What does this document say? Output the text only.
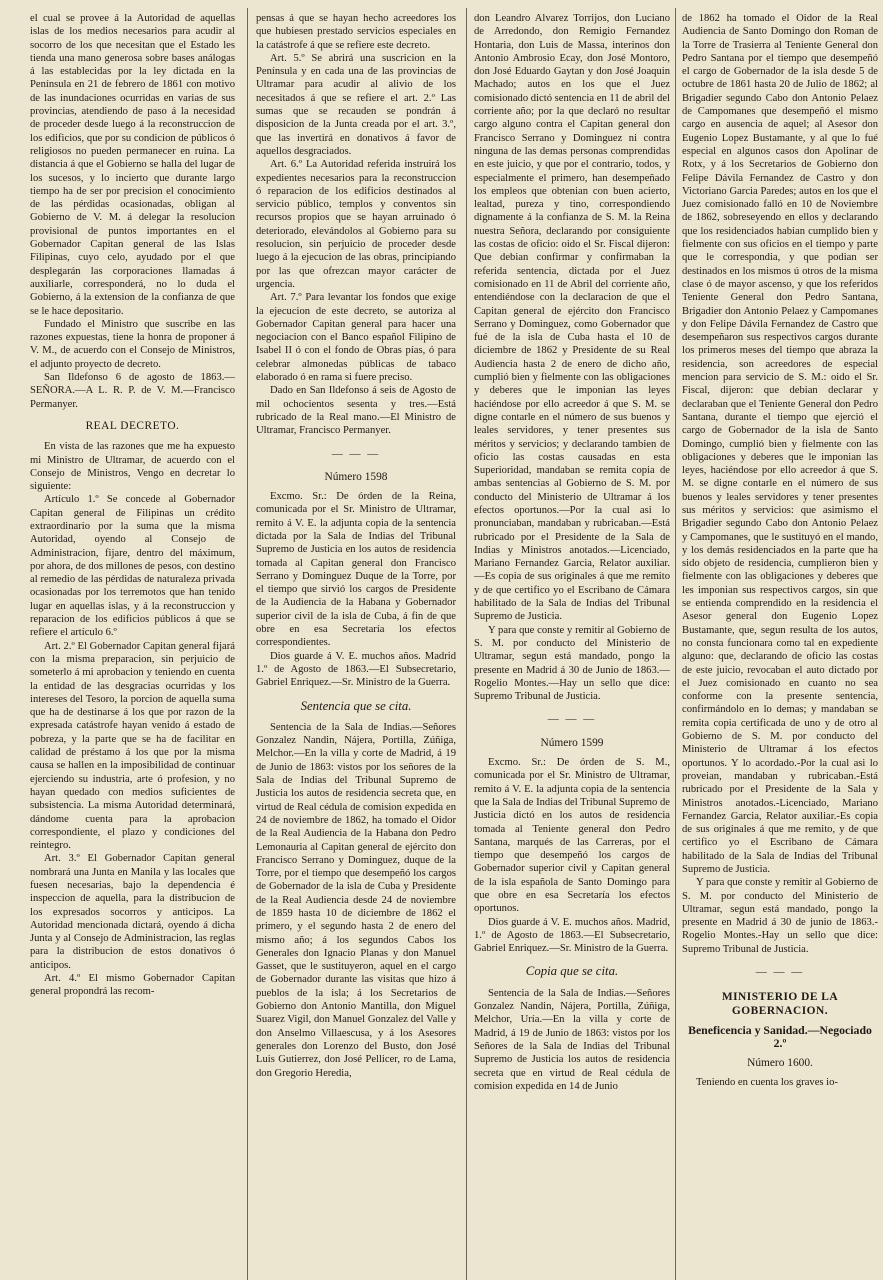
el cual se provee á la Autoridad de aquellas islas de los medios necesarios para acudir al socorro de los que necesitan que el Estado les tienda una mano generosa sobre bases análogas á las establecidas por la ley dictada en la Península en 21 de febrero de 1861 con motivo de las inundaciones ocurridas en varias de sus provincias, atendiendo de paso á la necesidad de proceder desde luego á la reconstruccion de los edificios, que por su condicion de públicos ó religiosos no pueden permanecer en ruina. La distancia á que el Gobierno se halla del lugar de los sucesos, y lo incierto que durante largo tiempo ha de ser por precision el conocimiento de las pérdidas ocasionadas, obligan al Gobierno de V. M. á delegar la resolucion provisional de puntos importantes en el Gobernador Capitan general de las Islas Filipinas, cuyo celo, ayudado por el que desplegarán las corporaciones llamadas á auxiliarle, corresponderá, no lo duda el Gobierno, á la extension de la confianza de que se le hace depositario.

Fundado el Ministro que suscribe en las razones expuestas, tiene la honra de proponer á V. M., de acuerdo con el Consejo de Ministros, el adjunto proyecto de decreto.

San Ildefonso 6 de agosto de 1863.—SEÑORA.—A L. R. P. de V. M.—Francisco Permanyer.

REAL DECRETO.

En vista de las razones que me ha expuesto mi Ministro de Ultramar, de acuerdo con el Consejo de Ministros, Vengo en decretar lo siguiente:

Artículo 1.º Se concede al Gobernador Capitan general de Filipinas un crédito extraordinario por la suma que la misma Autoridad, oyendo al Consejo de Administracion, fijare, dentro del máximum, por ahora, de dos millones de pesos, con destino al remedio de las pérdidas de naturaleza privada ocasionadas por los terremotos que han tenido lugar en aquellas islas, y á la reconstruccion y reparacion de los edificios públicos á que se refiere el artículo 6.º

Art. 2.º El Gobernador Capitan general fijará con la misma preparacion, sin perjuicio de someterlo á mi aprobacion y teniendo en cuenta la entidad de las desgracias ocurridas y los intereses del Tesoro, la porcion de aquella suma que ha de destinarse á los que por razon de la expresada catástrofe hayan venido á estado de pobreza, y la parte que se ha de facilitar en calidad de préstamo á los que por la misma causa se hallen en la imposibilidad de continuar ejerciendo su industria, arte ó profesion, y no hayan quedado con medios suficientes de subsistencia. La misma Autoridad determinará, dándome cuenta para la aprobacion correspondiente, el plazo y condiciones del reintegro.

Art. 3.º El Gobernador Capitan general nombrará una Junta en Manila y las locales que fuesen necesarias, bajo la dependencia é inspeccion de aquella, para la distribucion de los expresados socorros y anticipos. La Autoridad mencionada dictará, oyendo á dicha Junta y al Consejo de Administracion, las reglas para la distribucion de estos donativos ó anticipos.

Art. 4.º El mismo Gobernador Capitan general propondrá las recom-

pensas á que se hayan hecho acreedores los que hubiesen prestado servicios especiales en la catástrofe á que se refiere este decreto.

Art. 5.º Se abrirá una suscricion en la Península y en cada una de las provincias de Ultramar para acudir al alivio de los necesitados á que se refiere el art. 2.º Las sumas que se recauden se pondrán á disposicion de la Junta creada por el art. 3.º, que las invertirá en donativos á favor de aquellos desgraciados.

Art. 6.º La Autoridad referida instruirá los expedientes necesarios para la reconstruccion ó reparacion de los edificios destinados al servicio público, templos y conventos sin recursos propios que se hayan arruinado ó deteriorado, elevándolos al Gobierno para su resolucion, sin perjuicio de proceder desde luego á la ejecucion de las obras, principiando por las que ofrezcan mayor carácter de urgencia.

Art. 7.º Para levantar los fondos que exige la ejecucion de este decreto, se autoriza al Gobernador Capitan general para hacer una negociacion con el Banco español Filipino de Isabel II ó con el fondo de Obras pías, ó para celebrar almonedas públicas de tabaco elaborado ó en rama si fuere preciso.

Dado en San Ildefonso á seis de Agosto de mil ochocientos sesenta y tres.—Está rubricado de la Real mano.—El Ministro de Ultramar, Francisco Permanyer.

— — —
Número 1598

Excmo. Sr.: De órden de la Reina, comunicada por el Sr. Ministro de Ultramar, remito á V. E. la adjunta copia de la sentencia dictada por la Sala de Indias del Tribunal Supremo de Justicia en los autos de residencia tomada al Capitan general don Francisco Serrano y Dominguez Duque de la Torre, por el tiempo que sirvió los cargos de Presidente de la Audiencia de la Habana y Gobernador superior civil de la isla de Cuba, á fin de que obre en esa Secretaría los efectos correspondientes.

Dios guarde á V. E. muchos años. Madrid 1.º de Agosto de 1863.—El Subsecretario, Gabriel Enriquez.—Sr. Ministro de la Guerra.

Sentencia que se cita.

Sentencia de la Sala de Indias.—Señores Gonzalez Nandin, Nájera, Portilla, Zúñiga, Melchor.—En la villa y corte de Madrid, á 19 de Junio de 1863: vistos por los señores de la Sala de Indias del Tribunal Supremo de Justicia los autos de residencia secreta que, en virtud de Real cédula de comision expedida en 24 de noviembre de 1862, ha tomado el Oidor de la Real Audiencia de la Habana don Pedro Lemonauria al Capitan general de ejército don Francisco Serrano y Dominguez, duque de la Torre, por el tiempo que desempeñó los cargos de Gobernador de la isla de Cuba y Presidente de la Real Audiencia desde 24 de noviembre de 1859 hasta 10 de diciembre de 1862 el primero, y el segundo hasta 2 de enero del mismo año; á los segundos Cabos los Generales don Ignacio Planas y don Manuel Gasset, que le sustituyeron, aquel en el cargo de Gobernador durante las visitas que hizo á pueblos de la isla; á los Secretarios de Gobierno don Antonio Mantilla, don Miguel Suarez Vigil, don Manuel Gonzalez del Valle y don Anselmo Villaescusa, y á los Asesores generales don Lorenzo del Busto, don José Luis Gutierrez, don José Pellicer, ro de Lama, don Gregorio Heredia,

don Leandro Alvarez Torrijos, don Luciano de Arredondo, don Remigio Fernandez Hontaria, don Luis de Massa, interinos don Antonio Ambrosio Ecay, don José Montoro, don José Eduardo Gaytan y don José Joaquin Machado; autos en los que el Juez comisionado dictó sentencia en 11 de abril del corriente año; por la que declaró no resultar cargo alguno contra el Capitan general don Francisco Serrano y Dominguez ni contra ninguna de las demas personas comprendidas en este juicio, y que por el contrario, todos, y especialmente el primero, han desempeñado los empleos que obtenian con buen acierto, lealtad, pureza y tino, correspondiendo dignamente á la confianza de S. M. la Reina nuestra Señora, declarando por consiguiente las costas de oficio: oido el Sr. Fiscal dijeron: Que debian confirmar y confirmaban la referida sentencia, dictada por el Juez comisionado en 11 de Abril del corriente año, entendiéndose con la declaracion de que el Capitan general de ejército don Francisco Serrano y Dominguez, como Gobernador que fué de la isla de Cuba hasta el 10 de diciembre de 1862 y Presidente de su Real Audiencia hasta 2 de enero de dicho año, cumplió bien y fielmente con las obligaciones y deberes que le imponian las leyes haciéndose por ello acreedor á que S. M. se digne contarle en el número de sus buenos y leales servidores, y tener presentes sus méritos y servicios; y declarando tambien de oficio las costas causadas en esta Superioridad, mandaban se remita copia de ambas sentencias al Gobierno de S. M. por conducto del Ministerio de Ultramar á los efectos oportunos.—Por la cual asi lo pronunciaban, mandaban y rubricaban.—Está rubricado por el Presidente de la Sala de Indias y Ministros anotados.—Licenciado, Mariano Fernandez Garcia, Relator auxiliar.—Es copia de sus originales á que me remito y de que certifico yo el Escribano de Cámara habilitado de la Sala de Indias del Tribunal Supremo de Justicia.

Y para que conste y remitir al Gobierno de S. M. por conducto del Ministerio de Ultramar, segun está mandado, pongo la presente en Madrid á 30 de Junio de 1863.—Rogelio Montes.—Hay un sello que dice: Supremo Tribunal de Justicia.

— — —
Número 1599

Excmo. Sr.: De órden de S. M., comunicada por el Sr. Ministro de Ultramar, remito á V. E. la adjunta copia de la sentencia que la Sala de Indias del Tribunal Supremo de Justicia dictó en los autos de residencia tomada al Teniente general don Pedro Santana, marqués de las Carreras, por el tiempo que desempeñó los cargos de Gobernador superior civil y Capitan general de la isla española de Santo Domingo para que obre en esa Secretaría los efectos oportunos.

Dios guarde á V. E. muchos años. Madrid, 1.º de Agosto de 1863.—El Subsecretario, Gabriel Enriquez.—Sr. Ministro de la Guerra.

Copia que se cita.

Sentencia de la Sala de Indias.—Señores Gonzalez Nandin, Nájera, Portilla, Zúñiga, Melchor, Uría.—En la villa y corte de Madrid, á 19 de Junio de 1863: vistos por los Señores de la Sala de Indias del Tribunal Supremo de Justicia los autos de residencia secreta que en virtud de Real cédula de comision expedida en 14 de Junio

de 1862 ha tomado el Oidor de la Real Audiencia de Santo Domingo don Roman de la Torre de Trasierra al Teniente General don Pedro Santana por el tiempo que desempeñó el cargo de Gobernador de la isla desde 5 de octubre de 1861 hasta 20 de Julio de 1862; al Brigadier segundo Cabo don Antonio Pelaez de Campomanes que desempeñó el mismo cargo en ausencia de aquel; al Asesor don Eugenio Lopez Bustamante, y al que lo fué especial en algunos casos don Apolinar de Rotx, y á los Secretarios de Gobierno don Felipe Dávila Fernandez de Castro y don Victoriano Garcia Paredes; autos en los que el Juez comisionado falló en 10 de Noviembre de 1862, sobreseyendo en ellos y declarando que los residenciados habian cumplido bien y fielmente con sus oficios en el tiempo y parte que le correspondia, y que podian ser destinados en los mismos ú otros de la misma clase ó de mayor ascenso, y que los referidos Teniente General don Pedro Santana, Brigadier don Antonio Pelaez y Campomanes y don Felipe Dávila Fernandez de Castro que desempeñaron sus respectivos cargos durante los primeros meses del tiempo que abraza la residencia, son acreedores de especial mencion para servicio de S. M.: oido el Sr. Fiscal, dijeron: que debian declarar y declaraban que el Teniente General don Pedro Santana, durante el tiempo que ejerció el cargo de Gobernador de la isla de Santo Domingo, cumplió bien y fielmente con las obligaciones y deberes que le imponian las leyes, haciéndose por ello acreedor á que S. M. se digne contarle en el número de sus buenos y leales servidores y tener presentes sus méritos y servicios: que asimismo el Brigadier segundo Cabo don Antonio Pelaez y Campomanes, que le sustituyó en el mando, y los demás residenciados en la parte que ha sido objeto de residencia, cumplieron bien y fielmente con las obligaciones y deberes que les imponian sus respectivos cargos, sin que se entienda comprendido en la residencia el Asesor general don Eugenio Lopez Bustamante, que, segun resulta de los autos, no consta funcionara como tal en expediente alguno: que, declarando de oficio las costas de este juicio, revocaban el auto dictado por el Juez comisionado en cuanto no sea conforme con la presente sentencia, confirmándolo en lo demas; y mandaban se remita copia certificada de uno y de otro al Gobierno de S. M. por conducto del Ministerio de Ultramar á los efectos oportunos. Y lo acordado.-Por la cual asi lo proveian, mandaban y rubricaban.-Está rubricado por el Presidente de la Sala y Ministros anotados.-Licenciado, Mariano Fernandez Garcia, Relator auxiliar.-Es copia de sus originales á que me remito, y de que certifico yo el Escribano de Cámara habilitado de la Sala de Indias del Tribunal Supremo de Justicia.

Y para que conste y remitir al Gobierno de S. M. por conducto del Ministerio de Ultramar, segun está mandado, pongo la presente en Madrid á 30 de junio de 1863.-Rogelio Montes.-Hay un sello que dice: Supremo Tribunal de Justicia.

— — —
MINISTERIO DE LA GOBERNACION.
Beneficencia y Sanidad.—Negociado 2.º
Número 1600.

Teniendo en cuenta los graves io-
